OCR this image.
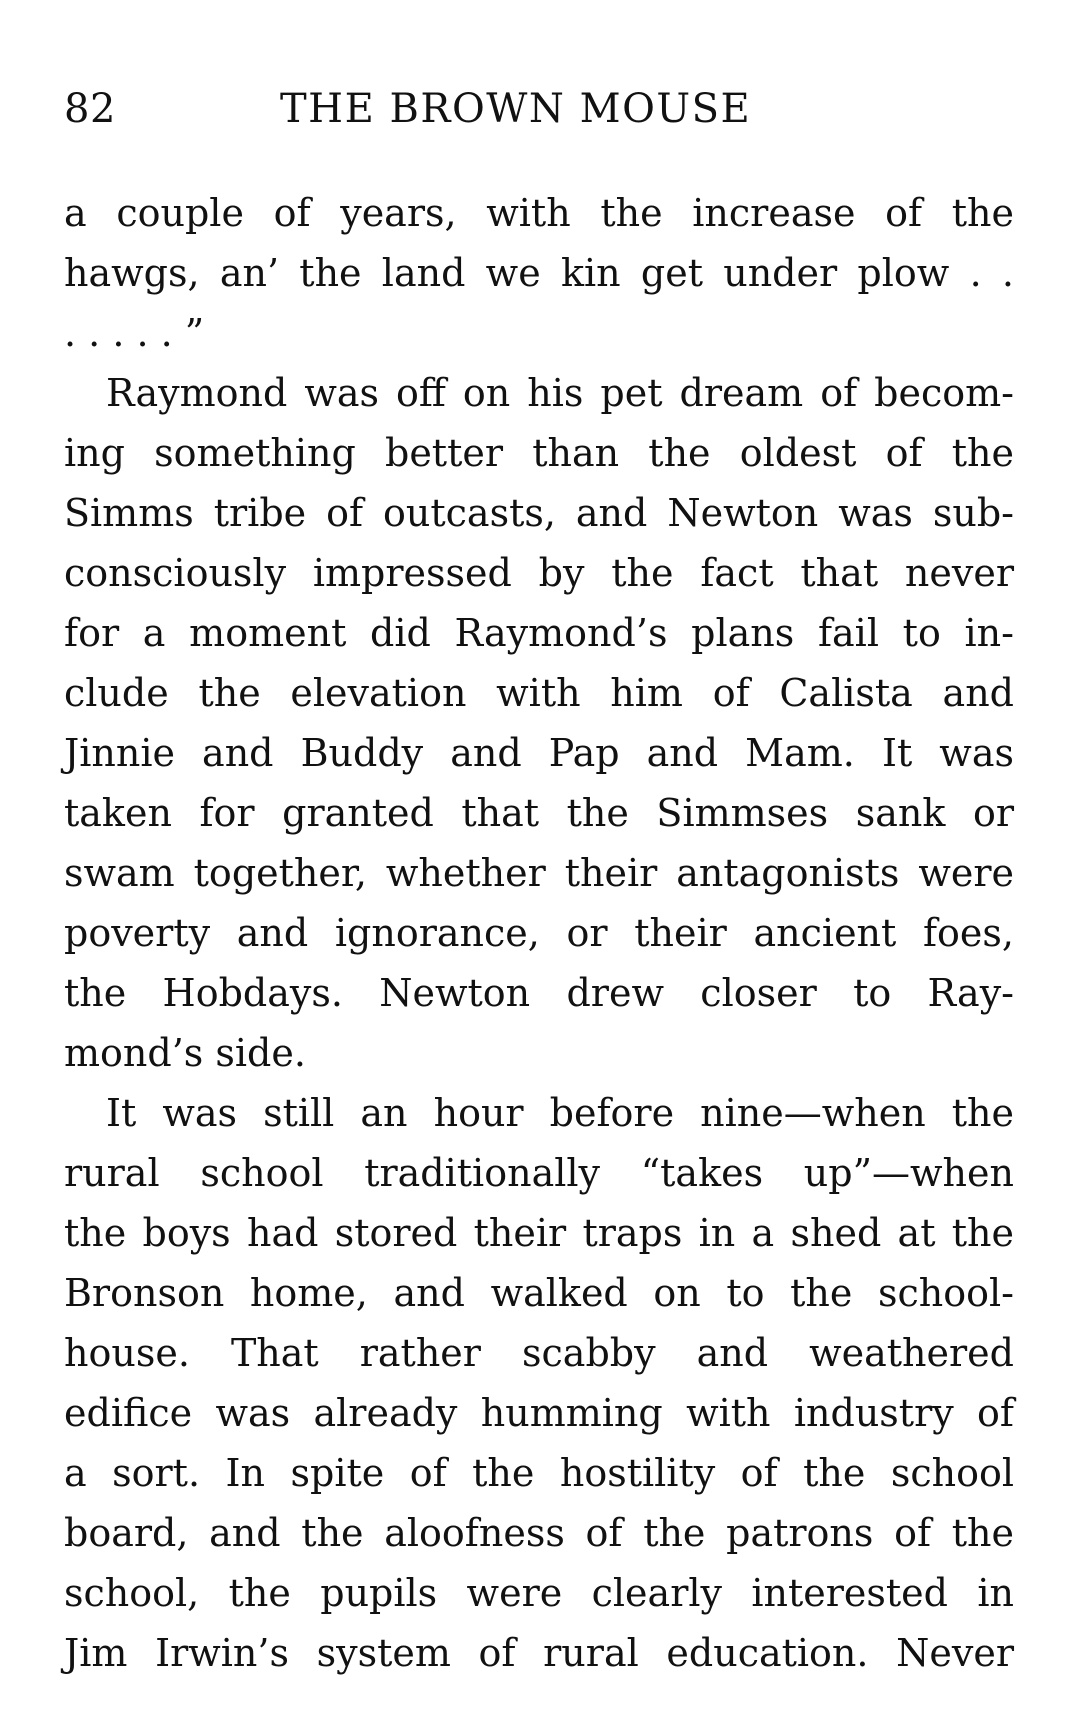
82	THE BROWN MOUSE
a couple of years, with the increase of the
hawgs, an’ the land we kin get under plow . .
. . . . . ”
Raymond was off on his pet dream of becom-
ing something better than the oldest of the
Simms tribe of outcasts, and Newton was sub-
consciously impressed by the fact that never
for a moment did Raymond’s plans fail to in-
clude the elevation with him of Calista and
Jinnie and Buddy and Pap and Mam. It was
taken for granted that the Simmses sank or
swam together, whether their antagonists were
poverty and ignorance, or their ancient foes,
the Hobdays. Newton drew closer to Ray-
mond’s side.
It was still an hour before nine—when the
rural school traditionally “takes up”—when
the boys had stored their traps in a shed at the
Bronson home, and walked on to the school-
house. That rather scabby and weathered
edifice was already humming with industry of
a sort. In spite of the hostility of the school
board, and the aloofness of the patrons of the
school, the pupils were clearly interested in
Jim Irwin’s system of rural education. Never
